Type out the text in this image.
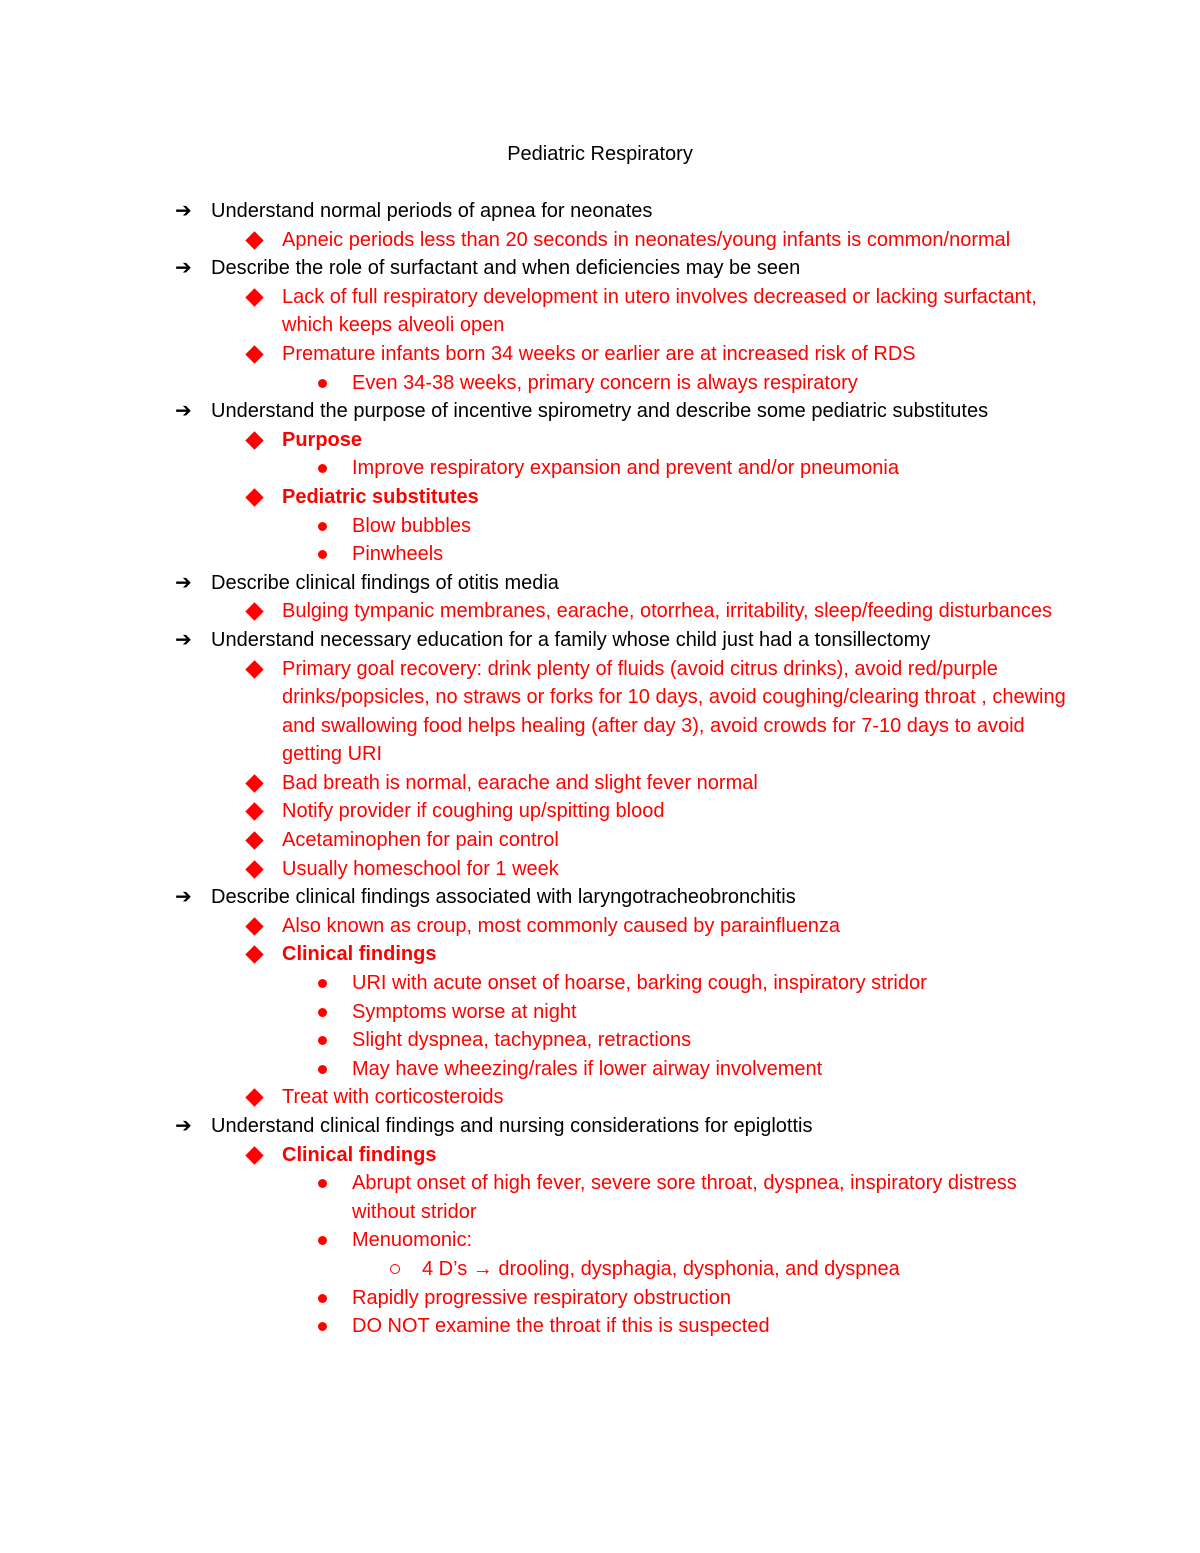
Pediatric Respiratory
➔ Understand normal periods of apnea for neonates
Apneic periods less than 20 seconds in neonates/young infants is common/normal
➔ Describe the role of surfactant and when deficiencies may be seen
Lack of full respiratory development in utero involves decreased or lacking surfactant, which keeps alveoli open
Premature infants born 34 weeks or earlier are at increased risk of RDS
Even 34-38 weeks, primary concern is always respiratory
➔ Understand the purpose of incentive spirometry and describe some pediatric substitutes
Purpose
Improve respiratory expansion and prevent and/or pneumonia
Pediatric substitutes
Blow bubbles
Pinwheels
➔ Describe clinical findings of otitis media
Bulging tympanic membranes, earache, otorrhea, irritability, sleep/feeding disturbances
➔ Understand necessary education for a family whose child just had a tonsillectomy
Primary goal recovery: drink plenty of fluids (avoid citrus drinks), avoid red/purple drinks/popsicles, no straws or forks for 10 days, avoid coughing/clearing throat , chewing and swallowing food helps healing (after day 3), avoid crowds for 7-10 days to avoid getting URI
Bad breath is normal, earache and slight fever normal
Notify provider if coughing up/spitting blood
Acetaminophen for pain control
Usually homeschool for 1 week
➔ Describe clinical findings associated with laryngotracheobronchitis
Also known as croup, most commonly caused by parainfluenza
Clinical findings
URI with acute onset of hoarse, barking cough, inspiratory stridor
Symptoms worse at night
Slight dyspnea, tachypnea, retractions
May have wheezing/rales if lower airway involvement
Treat with corticosteroids
➔ Understand clinical findings and nursing considerations for epiglottis
Clinical findings
Abrupt onset of high fever, severe sore throat, dyspnea, inspiratory distress without stridor
Menuomonic:
4 D’s → drooling, dysphagia, dysphonia, and dyspnea
Rapidly progressive respiratory obstruction
DO NOT examine the throat if this is suspected
